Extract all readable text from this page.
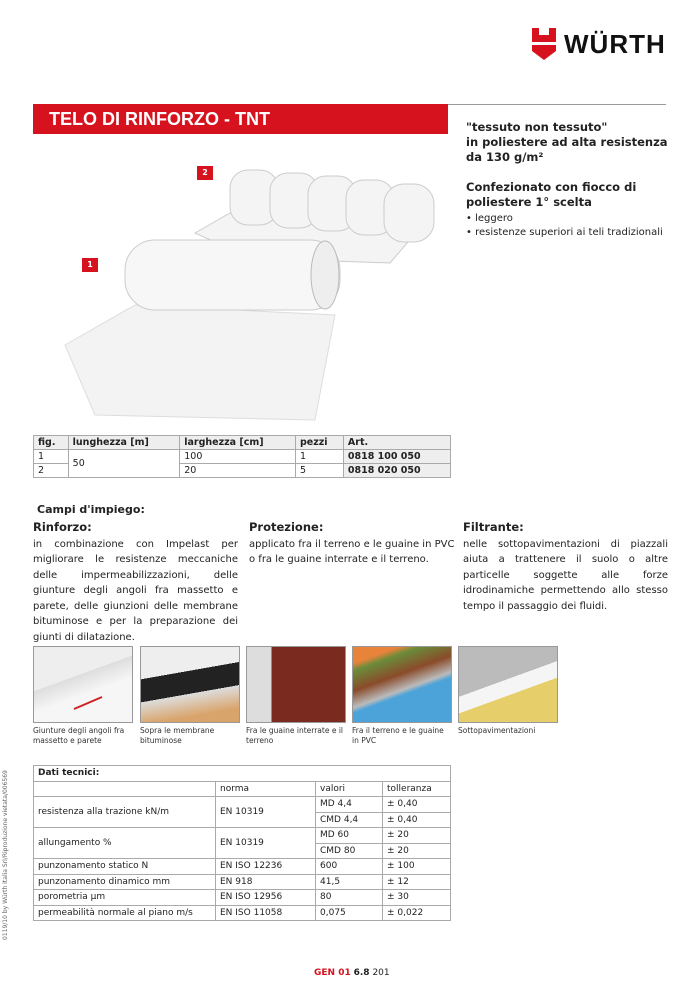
WÜRTH
TELO DI RINFORZO - TNT	"tessuto non tessuto"
in poliestere ad alta resistenza
da 130 g/m²
Confezionato con fiocco di
poliestere 1° scelta
• leggero
• resistenze superiori ai teli tradizionali
2
1
fig.	lunghezza [m]	larghezza [cm]	pezzi	Art.
1	50	100	1	0818 100 050
2		20	5	0818 020 050
Campi d'impiego:
Rinforzo:

in combinazione con Impelast per migliorare le resistenze meccaniche delle impermeabilizzazioni, delle giunture degli angoli fra massetto e parete, delle giunzioni delle membrane bituminose e per la preparazione dei giunti di dilatazione.

Protezione:

applicato fra il terreno e le guaine in PVC o fra le guaine interrate e il terreno.

Filtrante:

nelle sottopavimentazioni di piazzali aiuta a trattenere il suolo o altre particelle soggette alle forze idrodinamiche permettendo allo stesso tempo il passaggio dei fluidi.

Giunture degli angoli fra massetto e parete
Sopra le membrane bituminose
Fra le guaine interrate e il terreno
Fra il terreno e le guaine in PVC
Sottopavimentazioni
Dati tecnici:			
	norma	valori	tolleranza
resistenza alla trazione kN/m	EN 10319	MD 4,4	± 0,40
		CMD 4,4	± 0,40
allungamento %	EN 10319	MD 60	± 20
		CMD 80	± 20
punzonamento statico N	EN ISO 12236	600	± 100
punzonamento dinamico mm	EN 918	41,5	± 12
porometria µm	EN ISO 12956	80	± 30
permeabilità normale al piano m/s	EN ISO 11058	0,075	± 0,022
0119/10 by Würth Italia Srl/Riproduzione vietata/006569
GEN 01 6.8 201
